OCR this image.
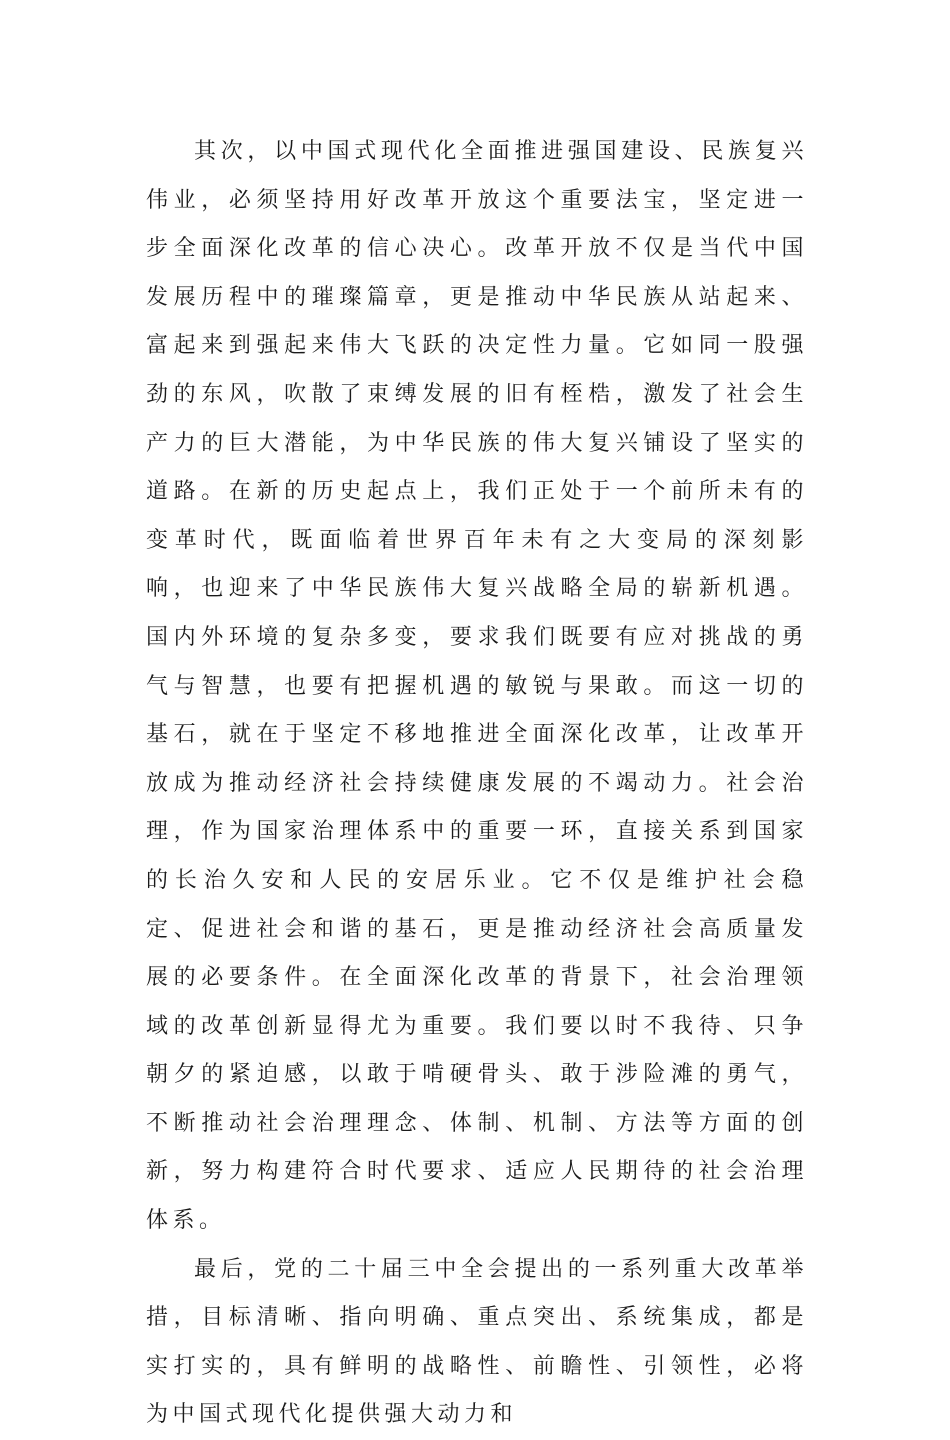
其次，以中国式现代化全面推进强国建设、民族复兴伟业，必须坚持用好改革开放这个重要法宝，坚定进一步全面深化改革的信心决心。改革开放不仅是当代中国发展历程中的璀璨篇章，更是推动中华民族从站起来、富起来到强起来伟大飞跃的决定性力量。它如同一股强劲的东风，吹散了束缚发展的旧有桎梏，激发了社会生产力的巨大潜能，为中华民族的伟大复兴铺设了坚实的道路。在新的历史起点上，我们正处于一个前所未有的变革时代，既面临着世界百年未有之大变局的深刻影响，也迎来了中华民族伟大复兴战略全局的崭新机遇。国内外环境的复杂多变，要求我们既要有应对挑战的勇气与智慧，也要有把握机遇的敏锐与果敢。而这一切的基石，就在于坚定不移地推进全面深化改革，让改革开放成为推动经济社会持续健康发展的不竭动力。社会治理，作为国家治理体系中的重要一环，直接关系到国家的长治久安和人民的安居乐业。它不仅是维护社会稳定、促进社会和谐的基石，更是推动经济社会高质量发展的必要条件。在全面深化改革的背景下，社会治理领域的改革创新显得尤为重要。我们要以时不我待、只争朝夕的紧迫感，以敢于啃硬骨头、敢于涉险滩的勇气，不断推动社会治理理念、体制、机制、方法等方面的创新，努力构建符合时代要求、适应人民期待的社会治理体系。

最后，党的二十届三中全会提出的一系列重大改革举措，目标清晰、指向明确、重点突出、系统集成，都是实打实的，具有鲜明的战略性、前瞻性、引领性，必将为中国式现代化提供强大动力和
